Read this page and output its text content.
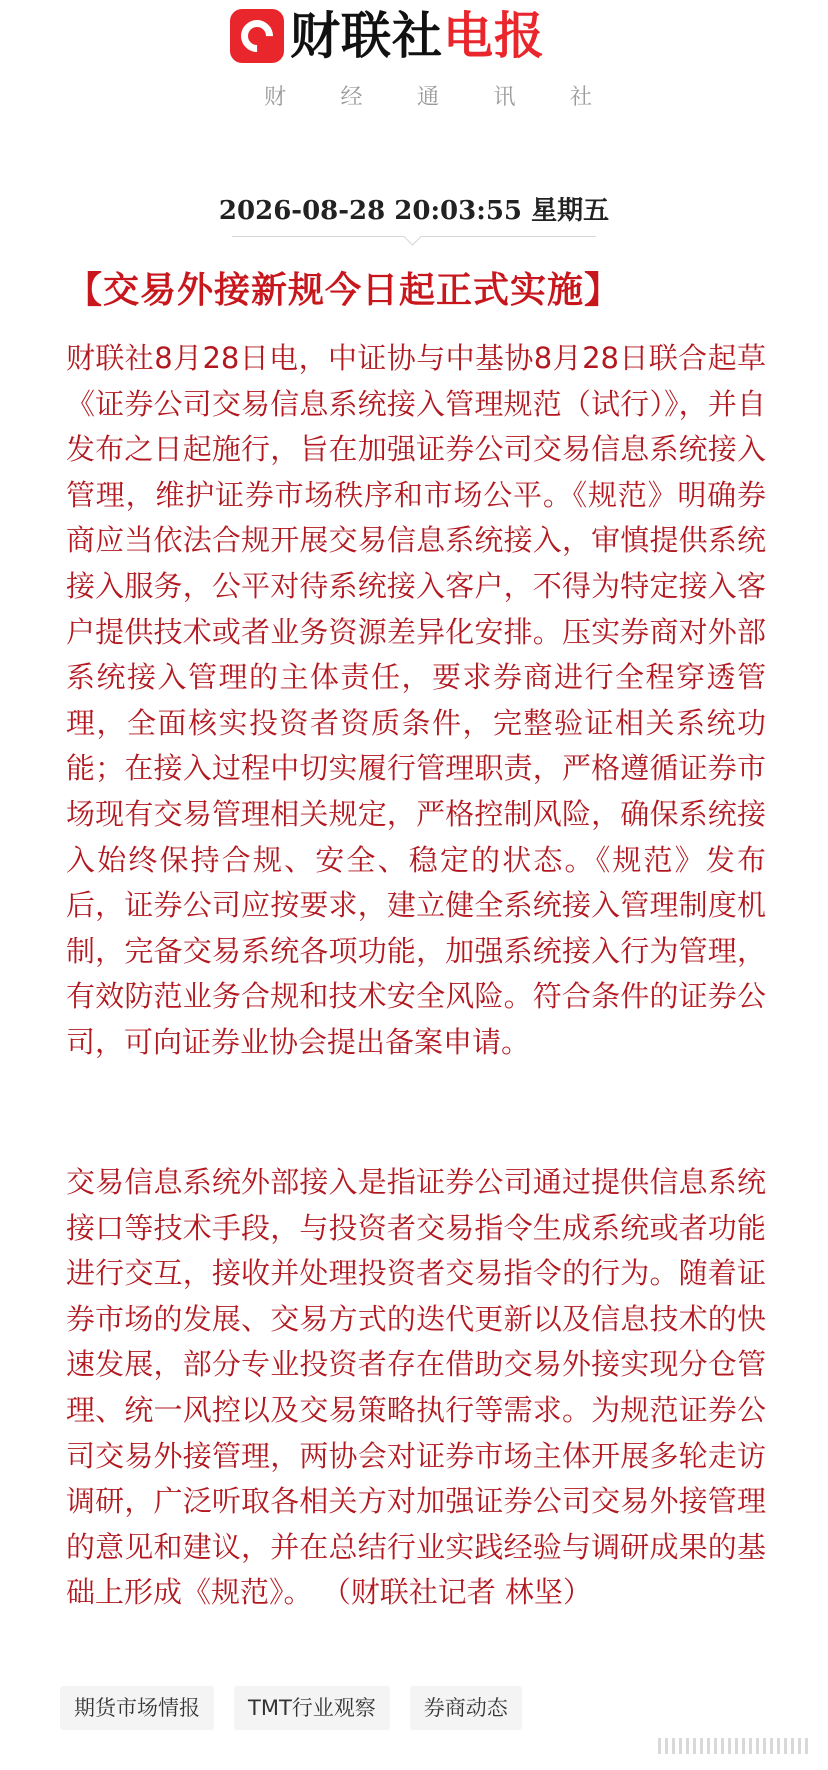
财联社 电报
财 经 通 讯 社
2026-08-28 20:03:55 星期五
【交易外接新规今日起正式实施】

财联社8月28日电，中证协与中基协8月28日联合起草《证券公司交易信息系统接入管理规范（试行）》，并自发布之日起施行，旨在加强证券公司交易信息系统接入管理，维护证券市场秩序和市场公平。《规范》明确券商应当依法合规开展交易信息系统接入，审慎提供系统接入服务，公平对待系统接入客户，不得为特定接入客户提供技术或者业务资源差异化安排。压实券商对外部系统接入管理的主体责任，要求券商进行全程穿透管理，全面核实投资者资质条件，完整验证相关系统功能；在接入过程中切实履行管理职责，严格遵循证券市场现有交易管理相关规定，严格控制风险，确保系统接入始终保持合规、安全、稳定的状态。《规范》发布后，证券公司应按要求，建立健全系统接入管理制度机制，完备交易系统各项功能，加强系统接入行为管理，有效防范业务合规和技术安全风险。符合条件的证券公司，可向证券业协会提出备案申请。

交易信息系统外部接入是指证券公司通过提供信息系统接口等技术手段，与投资者交易指令生成系统或者功能进行交互，接收并处理投资者交易指令的行为。随着证券市场的发展、交易方式的迭代更新以及信息技术的快速发展，部分专业投资者存在借助交易外接实现分仓管理、统一风控以及交易策略执行等需求。为规范证券公司交易外接管理，两协会对证券市场主体开展多轮走访调研，广泛听取各相关方对加强证券公司交易外接管理的意见和建议，并在总结行业实践经验与调研成果的基础上形成《规范》。 （财联社记者 林坚）

期货市场情报	TMT行业观察	券商动态
